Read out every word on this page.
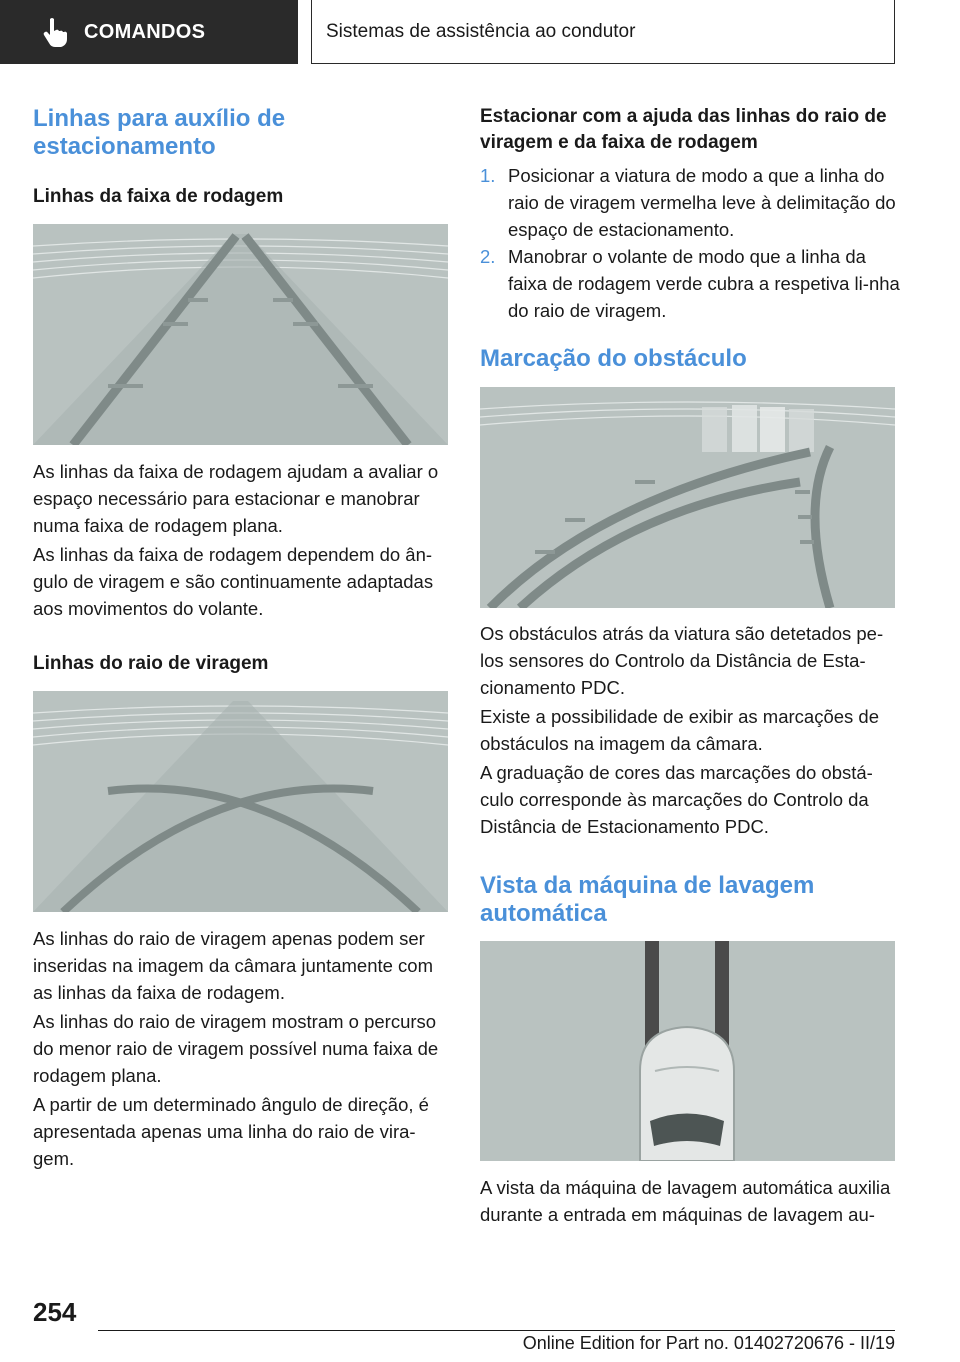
COMANDOS	Sistemas de assistência ao condutor
Linhas para auxílio de estacionamento
Linhas da faixa de rodagem
As linhas da faixa de rodagem ajudam a avaliar o espaço necessário para estacionar e manobrar numa faixa de rodagem plana.
As linhas da faixa de rodagem dependem do ân‐gulo de viragem e são continuamente adaptadas aos movimentos do volante.
Linhas do raio de viragem
As linhas do raio de viragem apenas podem ser inseridas na imagem da câmara juntamente com as linhas da faixa de rodagem.
As linhas do raio de viragem mostram o percurso do menor raio de viragem possível numa faixa de rodagem plana.
A partir de um determinado ângulo de direção, é apresentada apenas uma linha do raio de vira‐gem.
Estacionar com a ajuda das linhas do raio de viragem e da faixa de rodagem
1. Posicionar a viatura de modo a que a linha do raio de viragem vermelha leve à delimitação do espaço de estacionamento.
2. Manobrar o volante de modo que a linha da faixa de rodagem verde cubra a respetiva li‐nha do raio de viragem.
Marcação do obstáculo
Os obstáculos atrás da viatura são detetados pe‐los sensores do Controlo da Distância de Esta‐cionamento PDC.
Existe a possibilidade de exibir as marcações de obstáculos na imagem da câmara.
A graduação de cores das marcações do obstá‐culo corresponde às marcações do Controlo da Distância de Estacionamento PDC.
Vista da máquina de lavagem automática
A vista da máquina de lavagem automática auxilia durante a entrada em máquinas de lavagem au‐
254
Online Edition for Part no. 01402720676 - II/19
